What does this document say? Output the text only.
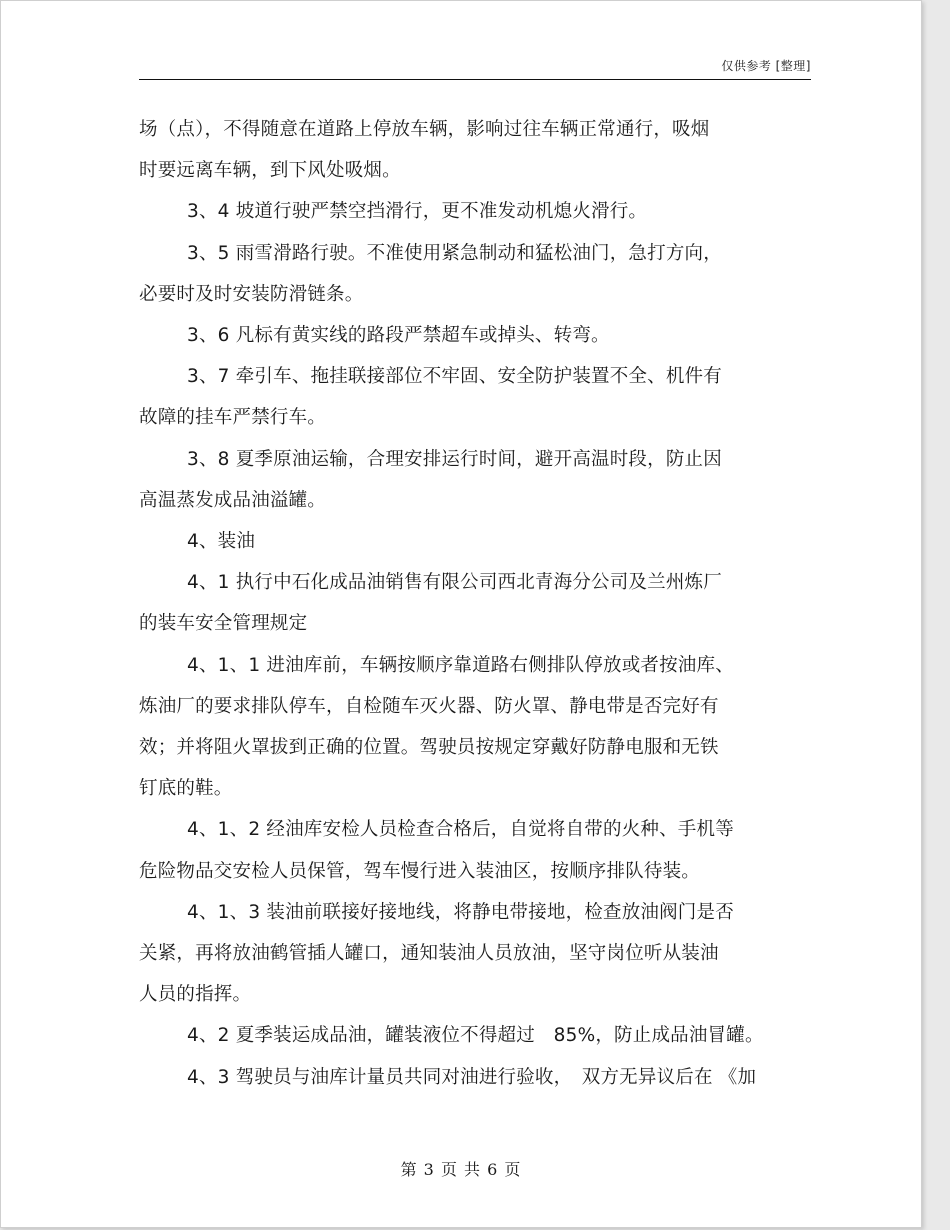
仅供参考 [整理]

场（点），不得随意在道路上停放车辆，影响过往车辆正常通行，吸烟

时要远离车辆，到下风处吸烟。

3、4 坡道行驶严禁空挡滑行，更不准发动机熄火滑行。

3、5 雨雪滑路行驶。不准使用紧急制动和猛松油门，急打方向，

必要时及时安装防滑链条。

3、6 凡标有黄实线的路段严禁超车或掉头、转弯。

3、7 牵引车、拖挂联接部位不牢固、安全防护装置不全、机件有

故障的挂车严禁行车。

3、8 夏季原油运输，合理安排运行时间，避开高温时段，防止因

高温蒸发成品油溢罐。

4、装油

4、1 执行中石化成品油销售有限公司西北青海分公司及兰州炼厂

的装车安全管理规定

4、1、1 进油库前，车辆按顺序靠道路右侧排队停放或者按油库、

炼油厂的要求排队停车，自检随车灭火器、防火罩、静电带是否完好有

效；并将阻火罩拔到正确的位置。驾驶员按规定穿戴好防静电服和无铁

钉底的鞋。

4、1、2 经油库安检人员检查合格后，自觉将自带的火种、手机等

危险物品交安检人员保管，驾车慢行进入装油区，按顺序排队待装。

4、1、3 装油前联接好接地线，将静电带接地，检查放油阀门是否

关紧，再将放油鹤管插人罐口，通知装油人员放油，坚守岗位听从装油

人员的指挥。

4、2 夏季装运成品油，罐装液位不得超过　85%，防止成品油冒罐。

4、3 驾驶员与油库计量员共同对油进行验收，　双方无异议后在 《加

第 3 页 共 6 页
